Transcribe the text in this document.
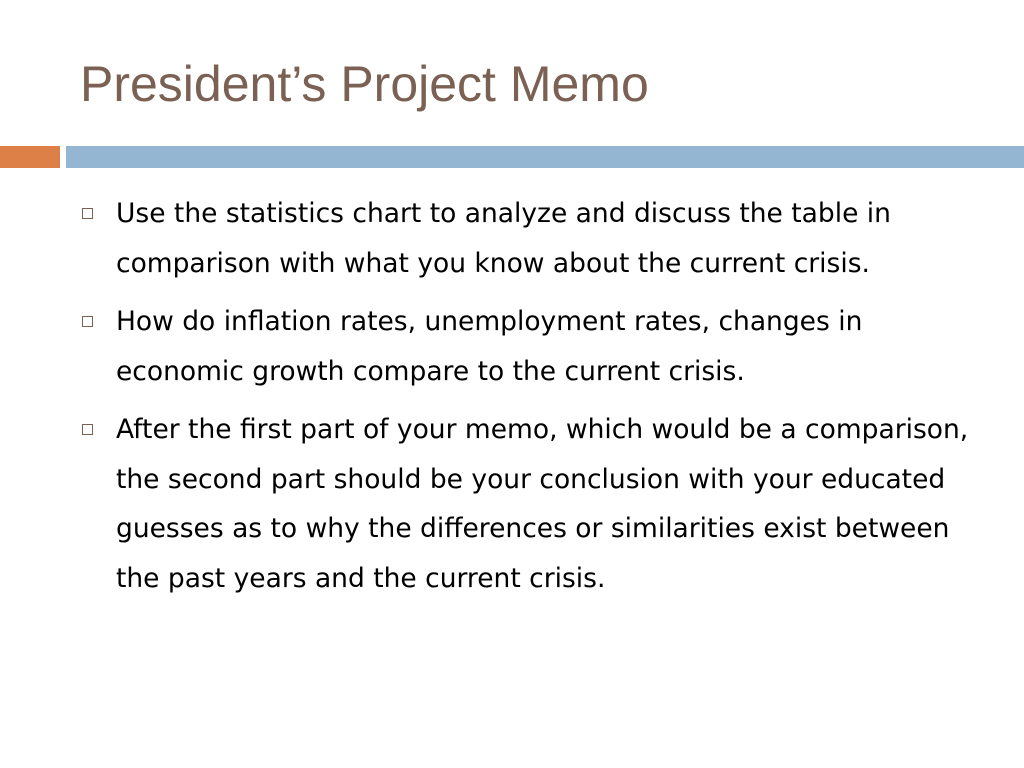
President’s Project Memo
Use the statistics chart to analyze and discuss the table in comparison with what you know about the current crisis.
How do inflation rates, unemployment rates, changes in economic growth compare to the current crisis.
After the first part of your memo, which would be a comparison, the second part should be your conclusion with your educated guesses as to why the differences or similarities exist between the past years and the current crisis.
